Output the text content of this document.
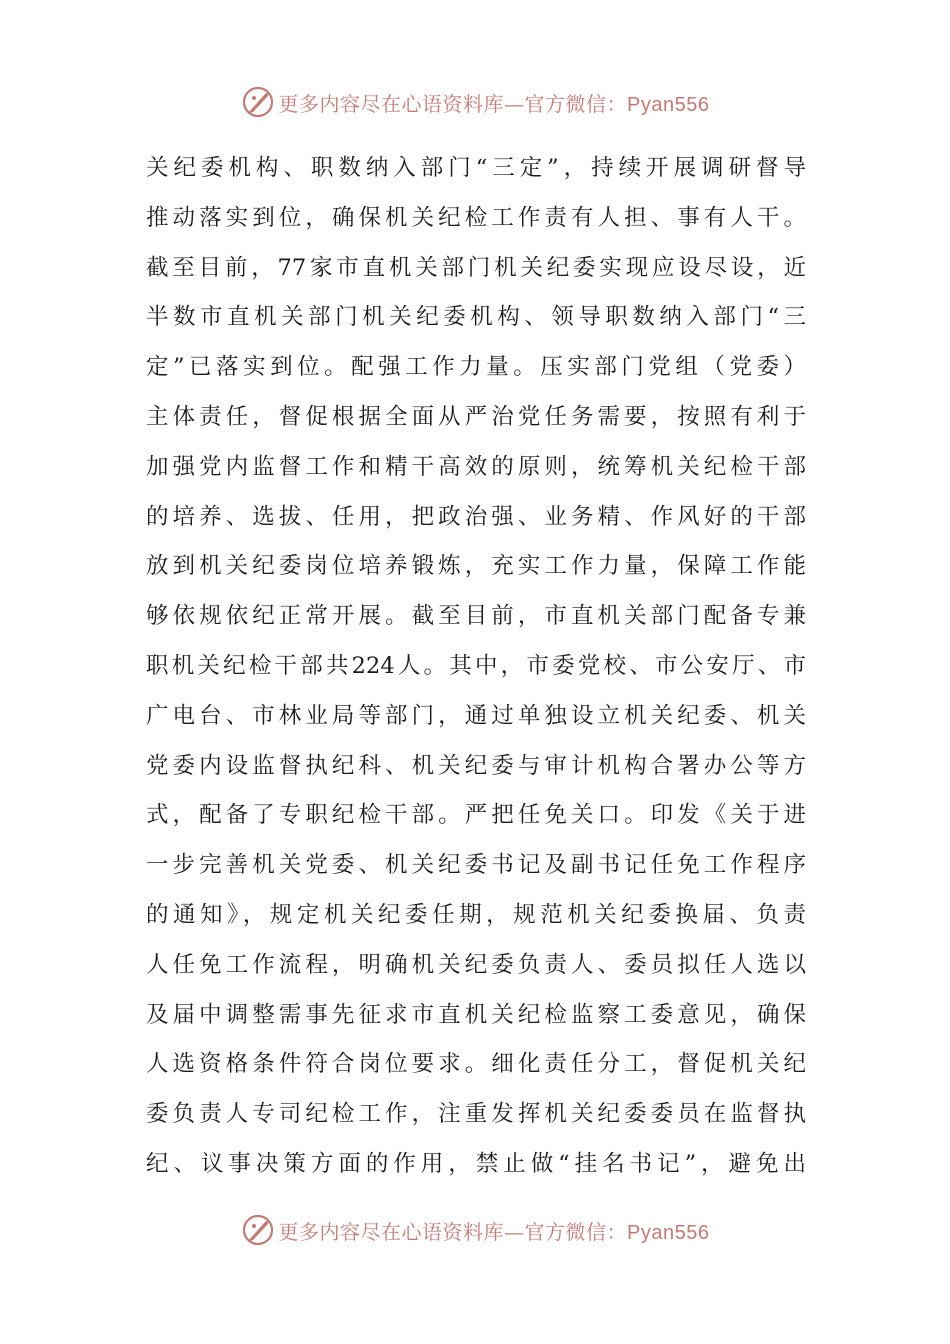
更多内容尽在心语资料库—官方微信：Pyan556
关纪委机构、职数纳入部门“三定”，持续开展调研督导
推动落实到位，确保机关纪检工作责有人担、事有人干。
截至目前，77家市直机关部门机关纪委实现应设尽设，近
半数市直机关部门机关纪委机构、领导职数纳入部门“三
定”已落实到位。配强工作力量。压实部门党组（党委）
主体责任，督促根据全面从严治党任务需要，按照有利于
加强党内监督工作和精干高效的原则，统筹机关纪检干部
的培养、选拔、任用，把政治强、业务精、作风好的干部
放到机关纪委岗位培养锻炼，充实工作力量，保障工作能
够依规依纪正常开展。截至目前，市直机关部门配备专兼
职机关纪检干部共224人。其中，市委党校、市公安厅、市
广电台、市林业局等部门，通过单独设立机关纪委、机关
党委内设监督执纪科、机关纪委与审计机构合署办公等方
式，配备了专职纪检干部。严把任免关口。印发《关于进
一步完善机关党委、机关纪委书记及副书记任免工作程序
的通知》，规定机关纪委任期，规范机关纪委换届、负责
人任免工作流程，明确机关纪委负责人、委员拟任人选以
及届中调整需事先征求市直机关纪检监察工委意见，确保
人选资格条件符合岗位要求。细化责任分工，督促机关纪
委负责人专司纪检工作，注重发挥机关纪委委员在监督执
纪、议事决策方面的作用，禁止做“挂名书记”，避免出
更多内容尽在心语资料库—官方微信：Pyan556
